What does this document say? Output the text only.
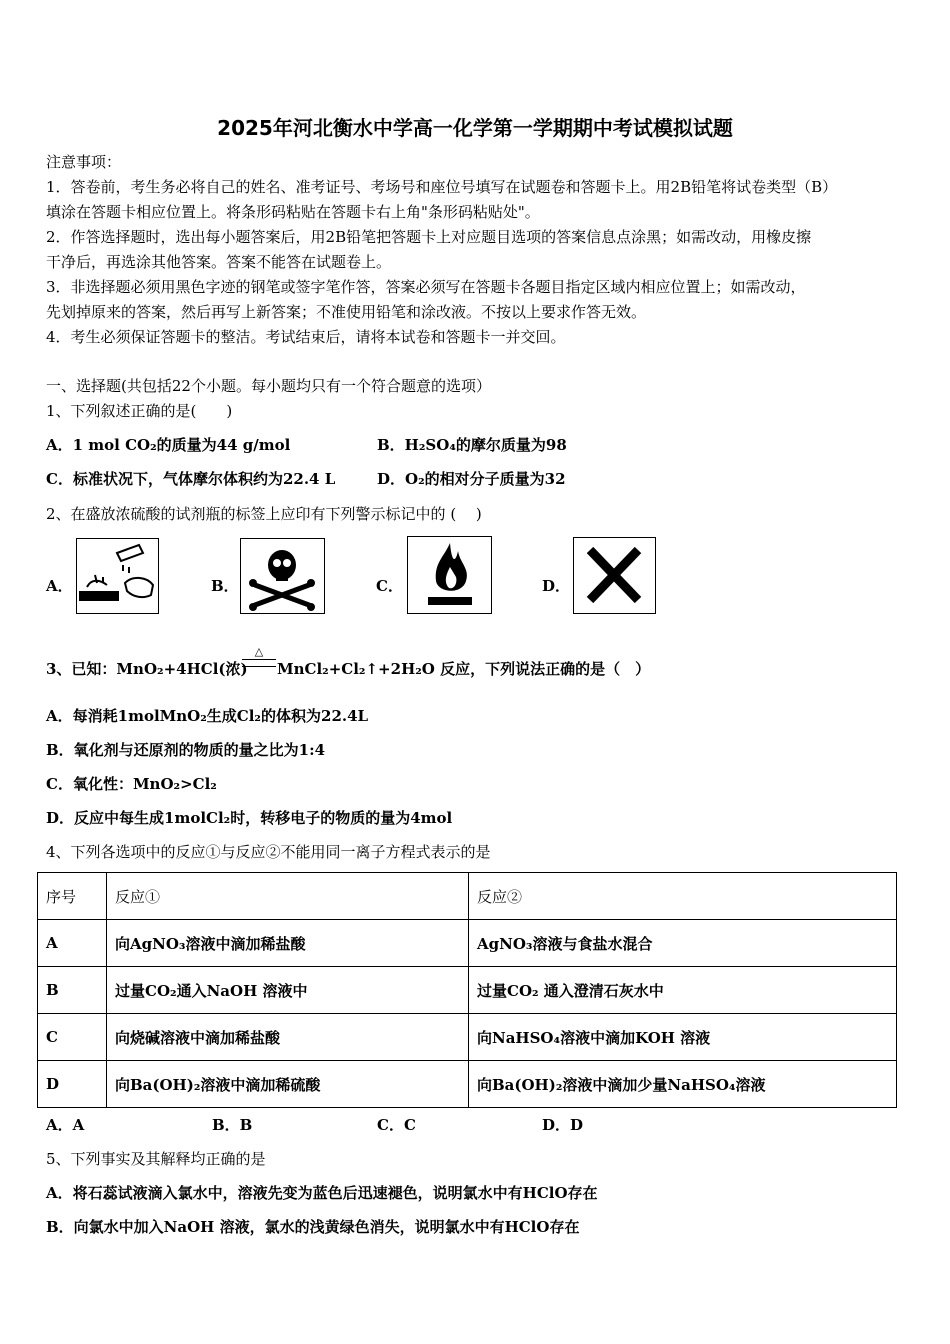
2025年河北衡水中学高一化学第一学期期中考试模拟试题
注意事项：
1．答卷前，考生务必将自己的姓名、准考证号、考场号和座位号填写在试题卷和答题卡上。用2B铅笔将试卷类型（B）
填涂在答题卡相应位置上。将条形码粘贴在答题卡右上角"条形码粘贴处"。
2．作答选择题时，选出每小题答案后，用2B铅笔把答题卡上对应题目选项的答案信息点涂黑；如需改动，用橡皮擦
干净后，再选涂其他答案。答案不能答在试题卷上。
3．非选择题必须用黑色字迹的钢笔或签字笔作答，答案必须写在答题卡各题目指定区域内相应位置上；如需改动，
先划掉原来的答案，然后再写上新答案；不准使用铅笔和涂改液。不按以上要求作答无效。
4．考生必须保证答题卡的整洁。考试结束后，请将本试卷和答题卡一并交回。
一、选择题(共包括22个小题。每小题均只有一个符合题意的选项）
1、下列叙述正确的是(　　)
A．1 mol CO₂的质量为44 g/mol	B．H₂SO₄的摩尔质量为98
C．标准状况下，气体摩尔体积约为22.4 L	D．O₂的相对分子质量为32
2、在盛放浓硫酸的试剂瓶的标签上应印有下列警示标记中的 (　 )
A．	B．	C．	D．
3、已知：MnO₂+4HCl(浓)
△
MnCl₂+Cl₂↑+2H₂O 反应，下列说法正确的是（　）
A．每消耗1molMnO₂生成Cl₂的体积为22.4L
B．氧化剂与还原剂的物质的量之比为1:4
C．氧化性：MnO₂>Cl₂
D．反应中每生成1molCl₂时，转移电子的物质的量为4mol
4、下列各选项中的反应①与反应②不能用同一离子方程式表示的是
序号	反应①	反应②
A	向AgNO₃溶液中滴加稀盐酸	AgNO₃溶液与食盐水混合
B	过量CO₂通入NaOH 溶液中	过量CO₂ 通入澄清石灰水中
C	向烧碱溶液中滴加稀盐酸	向NaHSO₄溶液中滴加KOH 溶液
D	向Ba(OH)₂溶液中滴加稀硫酸	向Ba(OH)₂溶液中滴加少量NaHSO₄溶液
A．A	B．B	C．C	D．D
5、下列事实及其解释均正确的是
A．将石蕊试液滴入氯水中，溶液先变为蓝色后迅速褪色，说明氯水中有HClO存在
B．向氯水中加入NaOH 溶液，氯水的浅黄绿色消失，说明氯水中有HClO存在
